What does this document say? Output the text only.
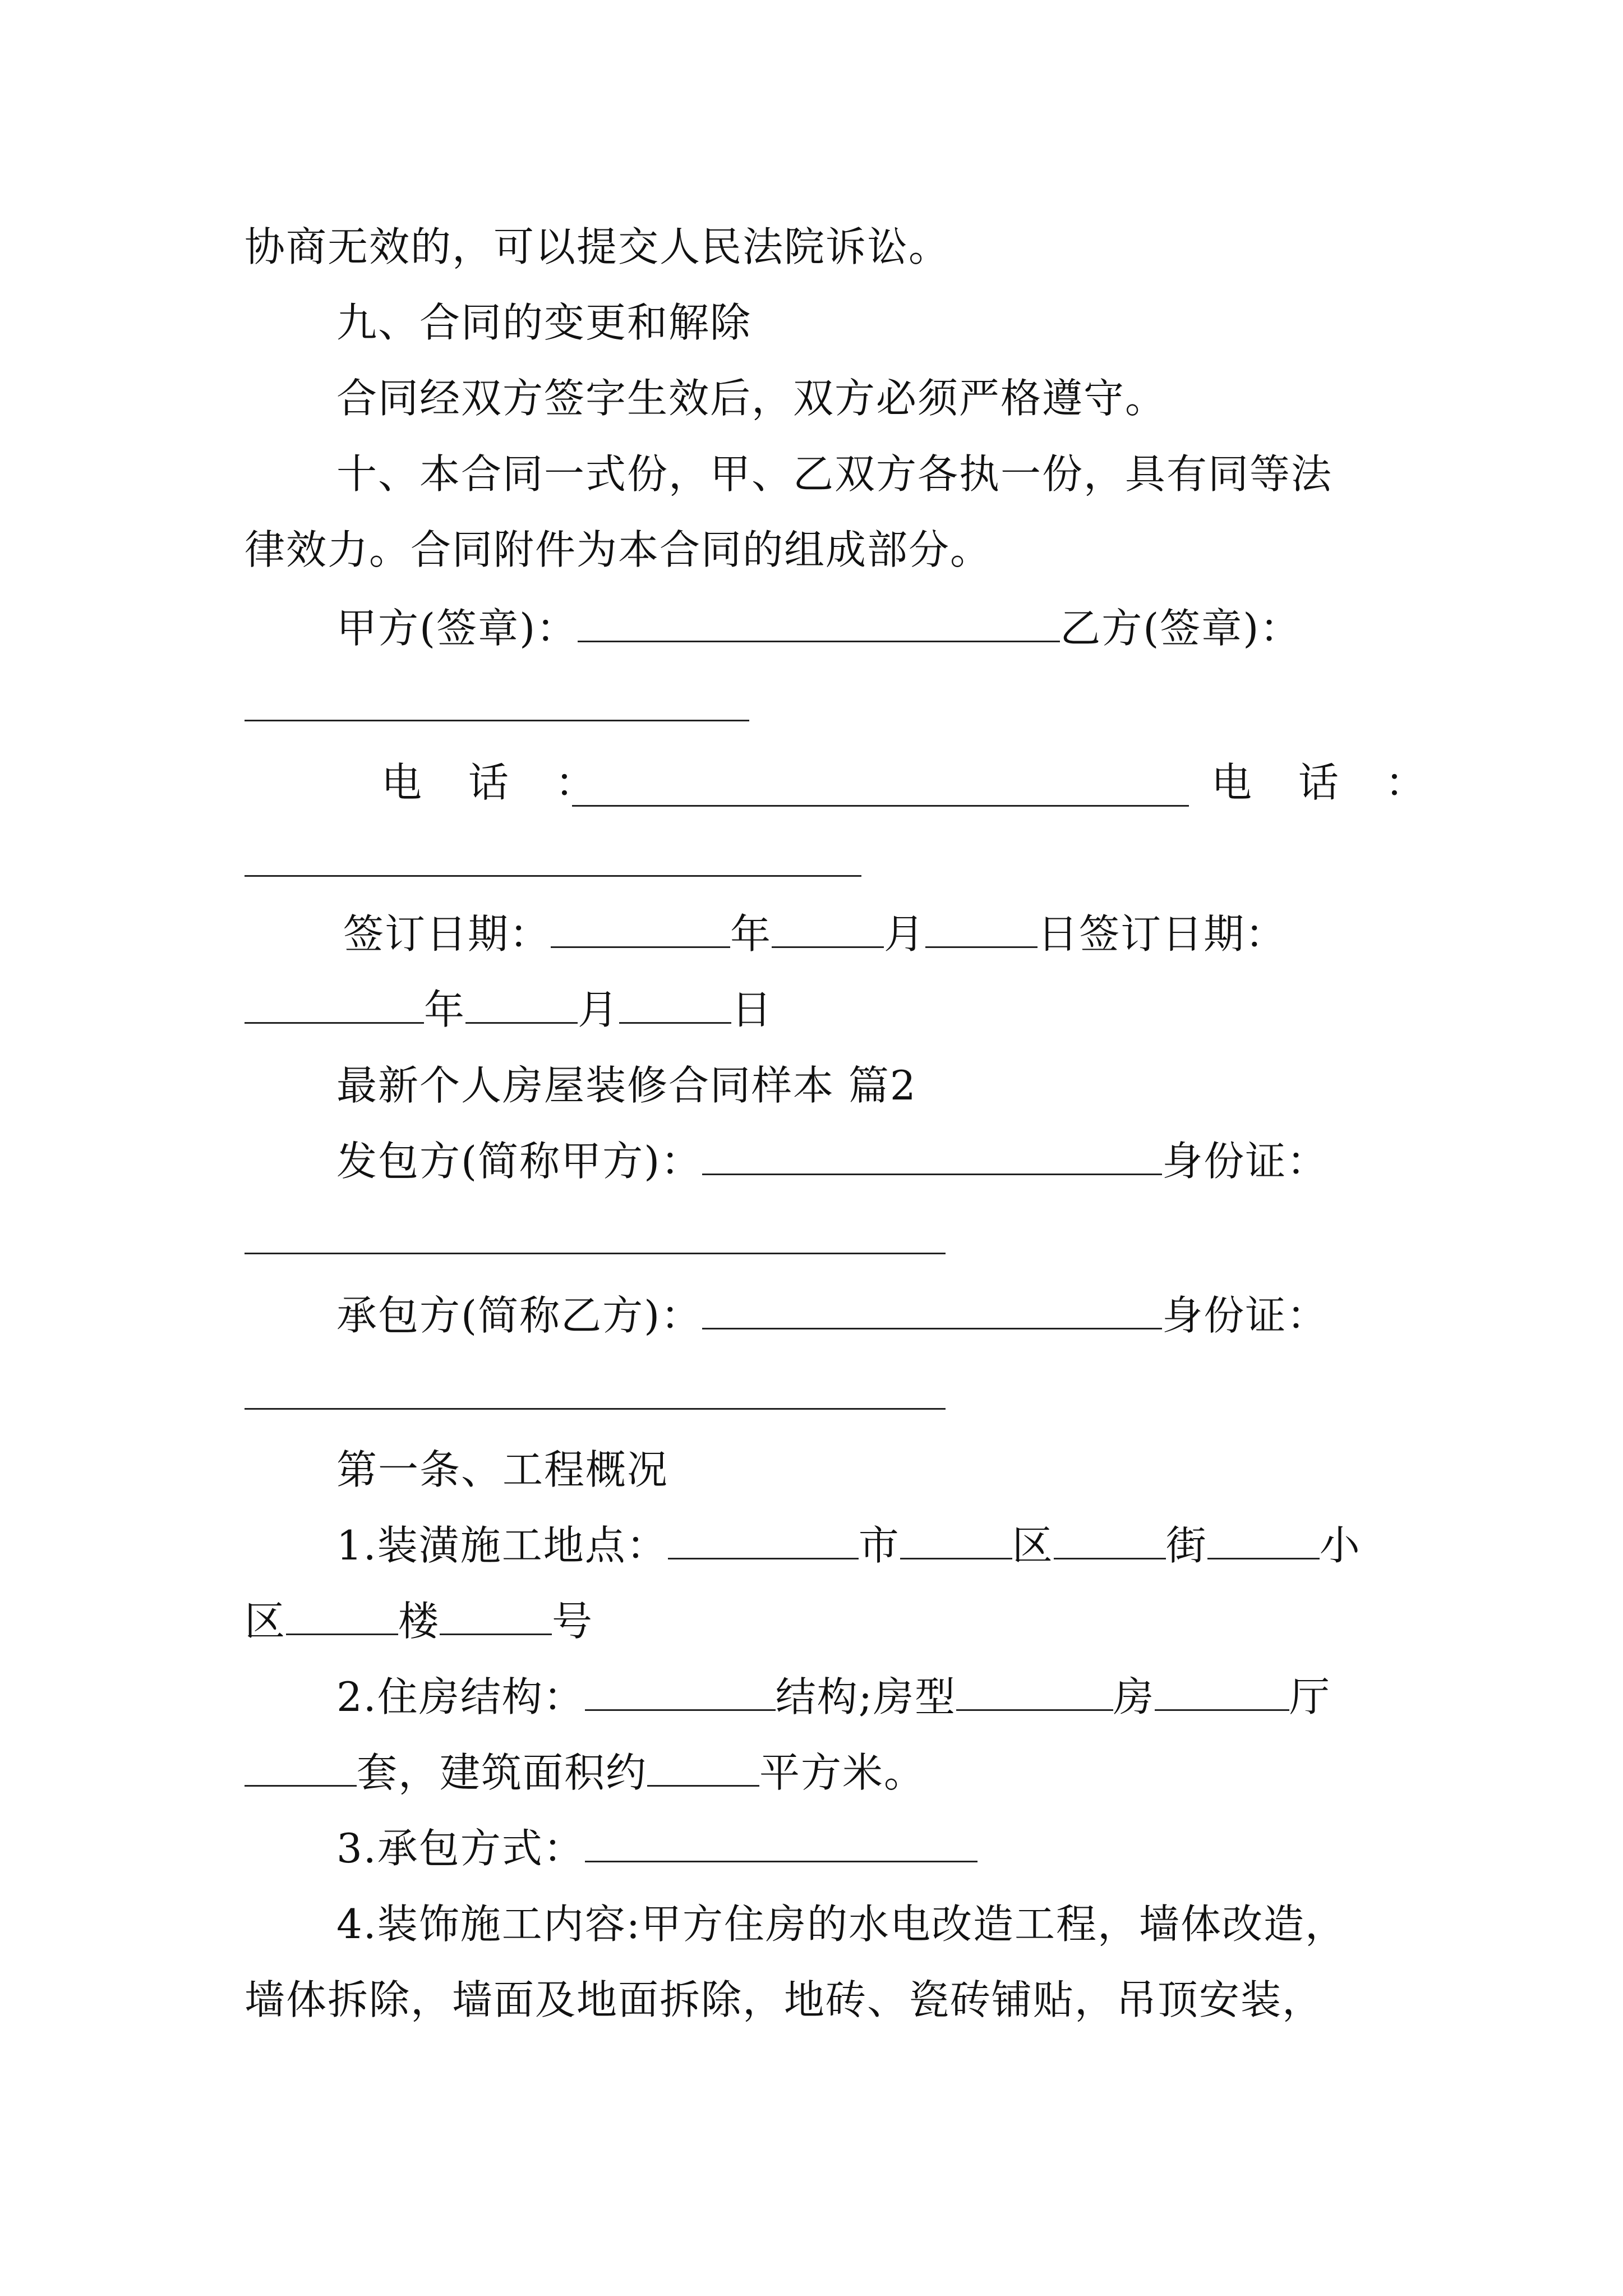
协商无效的，可以提交人民法院诉讼。
九、合同的变更和解除
合同经双方签字生效后，双方必须严格遵守。
十、本合同一式份，甲、乙双方各执一份，具有同等法
律效力。合同附件为本合同的组成部分。
甲方(签章)：	乙方(签章)：
电 话 ：	电 话 ：
签订日期：	年	月	日签订日期：
年	月	日
最新个人房屋装修合同样本 篇2
发包方(简称甲方)：	身份证：
承包方(简称乙方)：	身份证：
第一条、工程概况
1.装潢施工地点：	市	区	街	小
区	楼	号
2.住房结构：	结构;房型	房	厅
套，建筑面积约	平方米。
3.承包方式：
4.装饰施工内容:甲方住房的水电改造工程，墙体改造，
墙体拆除，墙面及地面拆除，地砖、瓷砖铺贴，吊顶安装，
